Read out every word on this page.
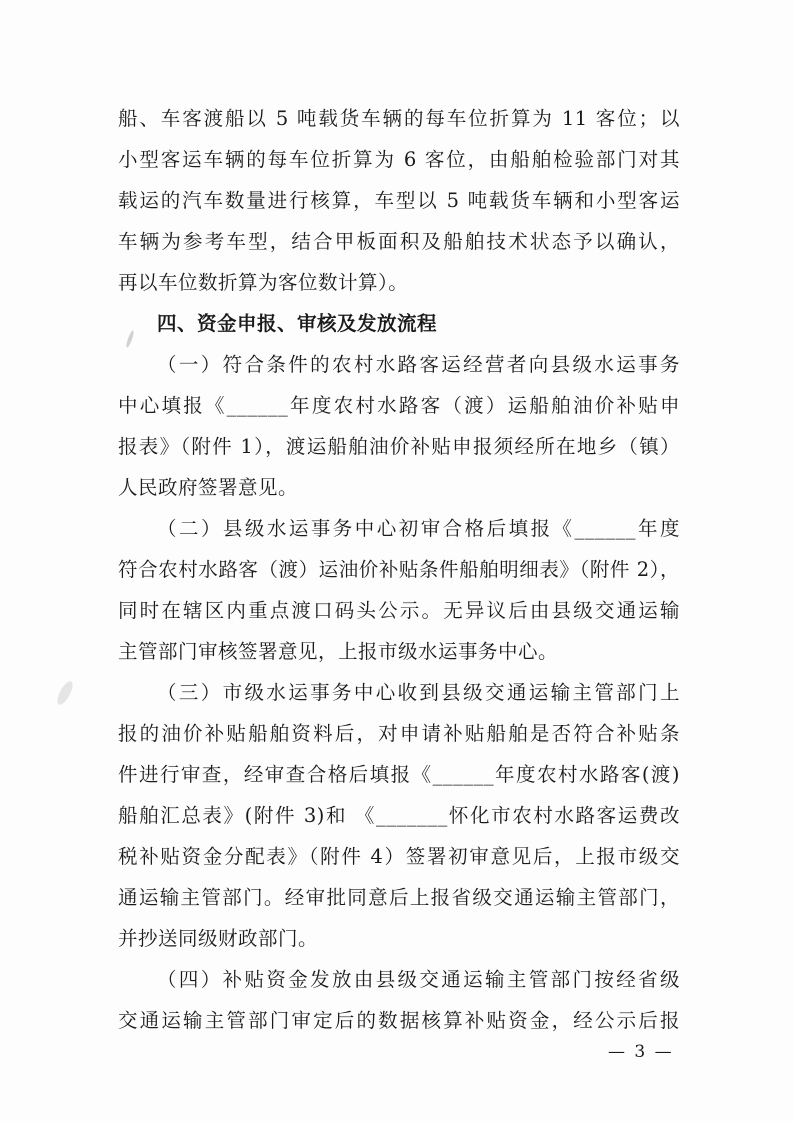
船、车客渡船以 5 吨载货车辆的每车位折算为 11 客位；以
小型客运车辆的每车位折算为 6 客位，由船舶检验部门对其
载运的汽车数量进行核算，车型以 5 吨载货车辆和小型客运
车辆为参考车型，结合甲板面积及船舶技术状态予以确认，
再以车位数折算为客位数计算）。
四、资金申报、审核及发放流程
（一）符合条件的农村水路客运经营者向县级水运事务
中心填报《______年度农村水路客（渡）运船舶油价补贴申
报表》（附件 1），渡运船舶油价补贴申报须经所在地乡（镇）
人民政府签署意见。
（二）县级水运事务中心初审合格后填报《______年度
符合农村水路客（渡）运油价补贴条件船舶明细表》（附件 2），
同时在辖区内重点渡口码头公示。无异议后由县级交通运输
主管部门审核签署意见，上报市级水运事务中心。
（三）市级水运事务中心收到县级交通运输主管部门上
报的油价补贴船舶资料后，对申请补贴船舶是否符合补贴条
件进行审查，经审查合格后填报《______年度农村水路客(渡)
船舶汇总表》(附件 3)和 《_______怀化市农村水路客运费改
税补贴资金分配表》（附件 4）签署初审意见后，上报市级交
通运输主管部门。经审批同意后上报省级交通运输主管部门，
并抄送同级财政部门。
（四）补贴资金发放由县级交通运输主管部门按经省级
交通运输主管部门审定后的数据核算补贴资金，经公示后报
— 3 —
